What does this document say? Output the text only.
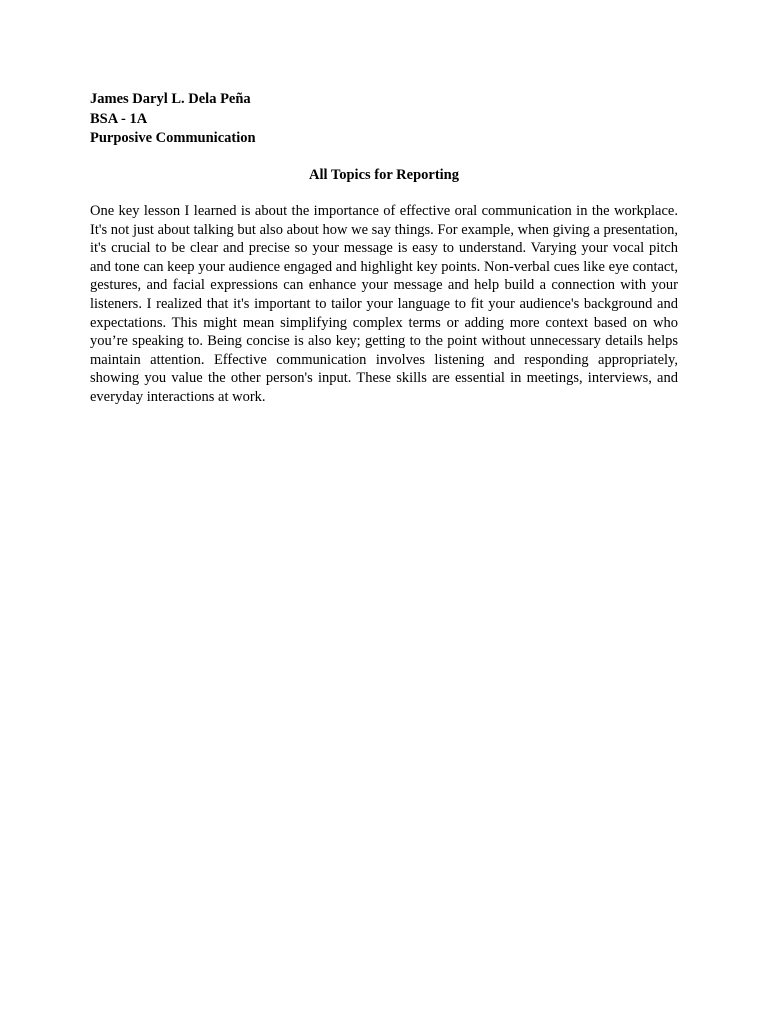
James Daryl L. Dela Peña

BSA - 1A

Purposive Communication

All Topics for Reporting

One key lesson I learned is about the importance of effective oral communication in the workplace. It's not just about talking but also about how we say things. For example, when giving a presentation, it's crucial to be clear and precise so your message is easy to understand. Varying your vocal pitch and tone can keep your audience engaged and highlight key points. Non-verbal cues like eye contact, gestures, and facial expressions can enhance your message and help build a connection with your listeners. I realized that it's important to tailor your language to fit your audience's background and expectations. This might mean simplifying complex terms or adding more context based on who you’re speaking to. Being concise is also key; getting to the point without unnecessary details helps maintain attention. Effective communication involves listening and responding appropriately, showing you value the other person's input. These skills are essential in meetings, interviews, and everyday interactions at work.
